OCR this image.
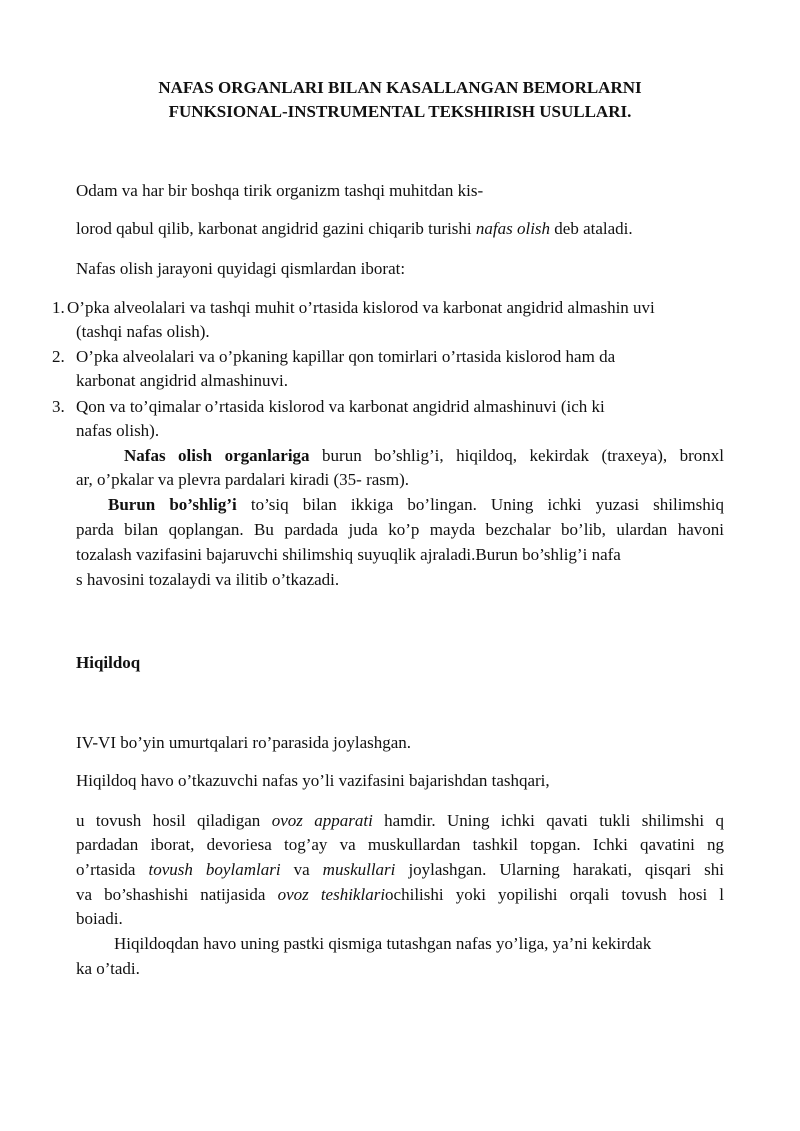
NAFAS ORGANLARI BILAN KASALLANGAN BEMORLARNI
FUNKSIONAL-INSTRUMENTAL TEKSHIRISH USULLARI.
Odam va har bir boshqa tirik organizm tashqi muhitdan kis-
lorod qabul qilib, karbonat angidrid gazini chiqarib turishi nafas olish deb ataladi.
Nafas olish jarayoni quyidagi qismlardan iborat:
1. O’pka alveolalari va tashqi muhit o’rtasida kislorod va karbonat angidrid almashin uvi
(tashqi nafas olish).
2. O’pka alveolalari va o’pkaning kapillar qon tomirlari o’rtasida kislorod ham da
karbonat angidrid almashinuvi.
3. Qon va to’qimalar o’rtasida kislorod va karbonat angidrid almashinuvi (ich ki
nafas olish).
Nafas olish organlariga burun bo’shlig’i, hiqildoq, kekirdak (traxeya), bronxl
ar, o’pkalar va plevra pardalari kiradi (35- rasm).
Burun bo’shlig’i to’siq bilan ikkiga bo’lingan. Uning ichki yuzasi shilimshiq
parda bilan qoplangan. Bu pardada juda ko’p mayda bezchalar bo’lib, ulardan havoni
tozalash vazifasini bajaruvchi shilimshiq suyuqlik ajraladi.Burun bo’shlig’i nafa
s havosini tozalaydi va ilitib o’tkazadi.
Hiqildoq
IV-VI bo’yin umurtqalari ro’parasida joylashgan.
Hiqildoq havo o’tkazuvchi nafas yo’li vazifasini bajarishdan tashqari,
u tovush hosil qiladigan ovoz apparati hamdir. Uning ichki qavati tukli shilimshi q
pardadan iborat, devoriesa tog’ay va muskullardan tashkil topgan. Ichki qavatini ng
o’rtasida tovush boylamlari va muskullari joylashgan. Ularning harakati, qisqari shi
va bo’shashishi natijasida ovoz teshiklariochilishi yoki yopilishi orqali tovush hosi l
boiadi.
Hiqildoqdan havo uning pastki qismiga tutashgan nafas yo’liga, ya’ni kekirdak
ka o’tadi.
